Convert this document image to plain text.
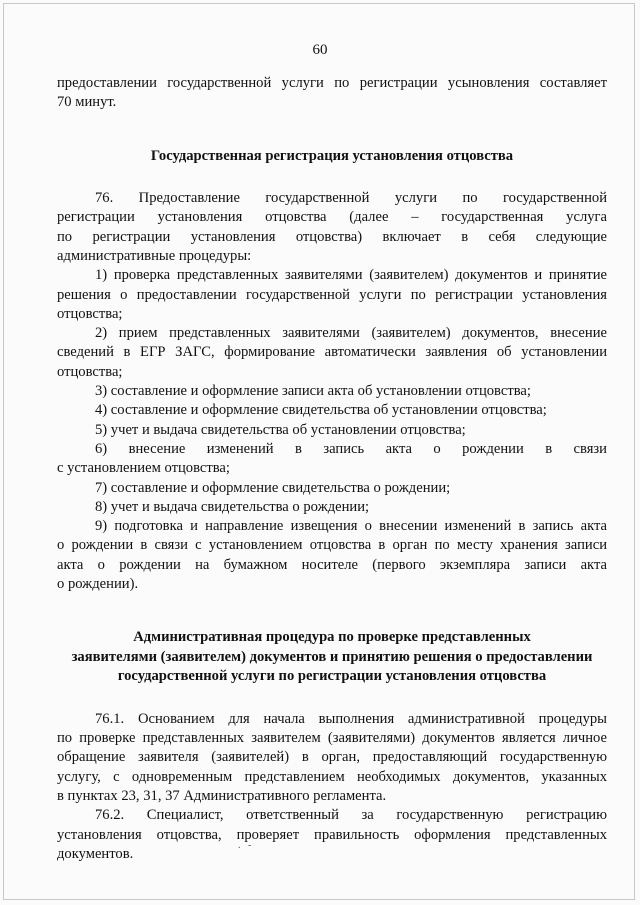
60

предоставлении государственной услуги по регистрации усыновления составляет

70 минут.

Государственная регистрация установления отцовства

76. Предоставление государственной услуги по государственной

регистрации установления отцовства (далее – государственная услуга

по регистрации установления отцовства) включает в себя следующие

административные процедуры:

1) проверка представленных заявителями (заявителем) документов и принятие

решения о предоставлении государственной услуги по регистрации установления

отцовства;

2) прием представленных заявителями (заявителем) документов, внесение

сведений в ЕГР ЗАГС, формирование автоматически заявления об установлении

отцовства;

3) составление и оформление записи акта об установлении отцовства;

4) составление и оформление свидетельства об установлении отцовства;

5) учет и выдача свидетельства об установлении отцовства;

6) внесение изменений в запись акта о рождении в связи

с установлением отцовства;

7) составление и оформление свидетельства о рождении;

8) учет и выдача свидетельства о рождении;

9) подготовка и направление извещения о внесении изменений в запись акта

о рождении в связи с установлением отцовства в орган по месту хранения записи

акта о рождении на бумажном носителе (первого экземпляра записи акта

о рождении).

Административная процедура по проверке представленных

заявителями (заявителем) документов и принятию решения о предоставлении

государственной услуги по регистрации установления отцовства

76.1. Основанием для начала выполнения административной процедуры

по проверке представленных заявителем (заявителями) документов является личное

обращение заявителя (заявителей) в орган, предоставляющий государственную

услугу, с одновременным представлением необходимых документов, указанных

в пунктах 23, 31, 37 Административного регламента.

76.2. Специалист, ответственный за государственную регистрацию

установления отцовства, проверяет правильность оформления представленных

документов.

.   ‑
